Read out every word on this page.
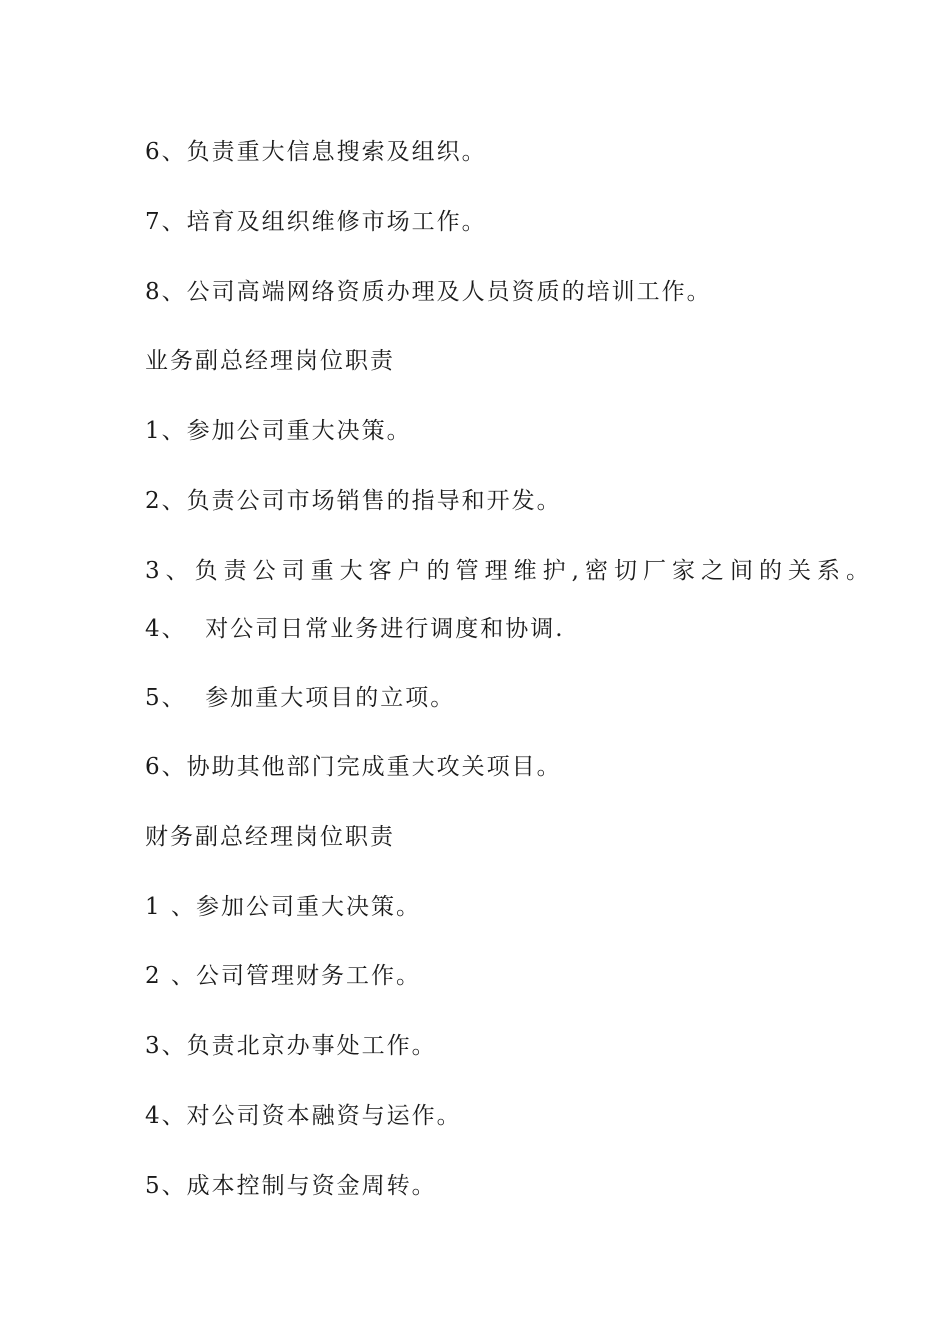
6、负责重大信息搜索及组织。
7、培育及组织维修市场工作。
8、公司高端网络资质办理及人员资质的培训工作。
业务副总经理岗位职责
1、参加公司重大决策。
2、负责公司市场销售的指导和开发。
3、负责公司重大客户的管理维护,密切厂家之间的关系。
4、  对公司日常业务进行调度和协调.
5、  参加重大项目的立项。
6、协助其他部门完成重大攻关项目。
财务副总经理岗位职责
1 、参加公司重大决策。
2 、公司管理财务工作。
3、负责北京办事处工作。
4、对公司资本融资与运作。
5、成本控制与资金周转。
